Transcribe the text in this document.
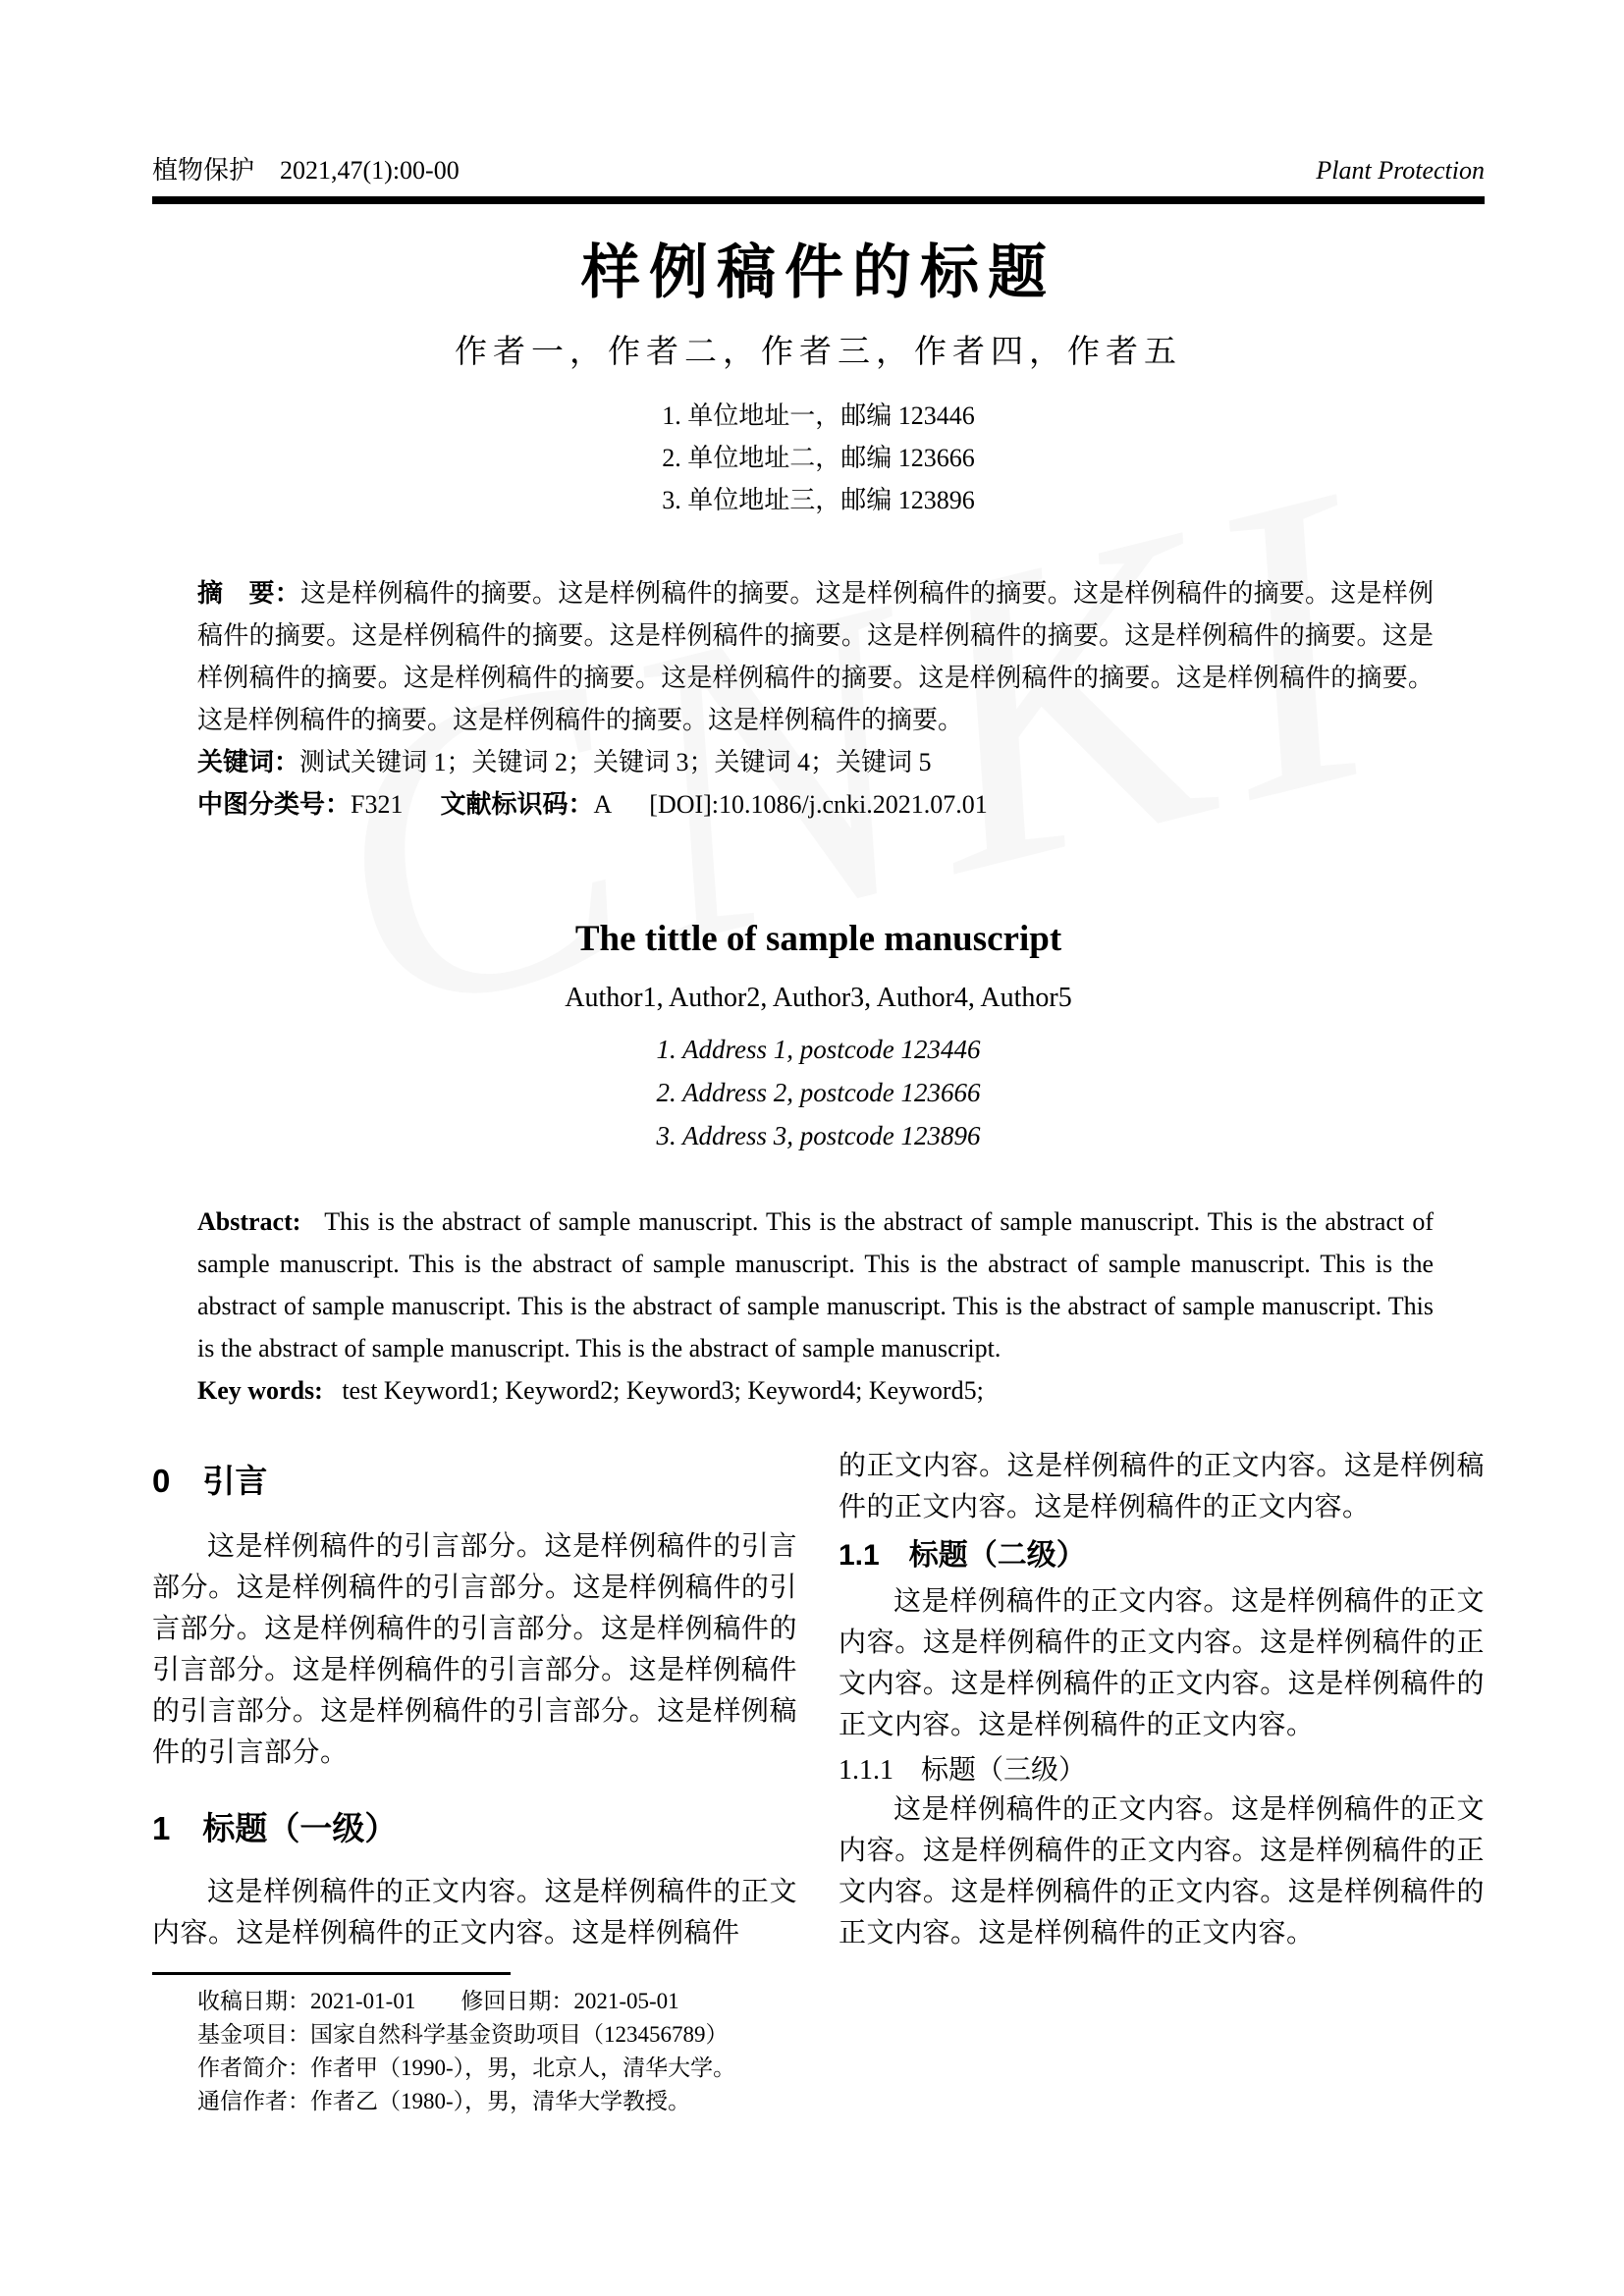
植物保护　2021,47(1):00-00	Plant Protection
样例稿件的标题
作者一，作者二，作者三，作者四，作者五
1. 单位地址一，邮编 123446
2. 单位地址二，邮编 123666
3. 单位地址三，邮编 123896
摘　要：这是样例稿件的摘要。这是样例稿件的摘要。这是样例稿件的摘要。这是样例稿件的摘要。这是样例稿件的摘要。这是样例稿件的摘要。这是样例稿件的摘要。这是样例稿件的摘要。这是样例稿件的摘要。这是样例稿件的摘要。这是样例稿件的摘要。这是样例稿件的摘要。这是样例稿件的摘要。这是样例稿件的摘要。这是样例稿件的摘要。这是样例稿件的摘要。这是样例稿件的摘要。
关键词：测试关键词 1；关键词 2；关键词 3；关键词 4；关键词 5
中图分类号：F321 文献标识码：A [DOI]:10.1086/j.cnki.2021.07.01
The tittle of sample manuscript
Author1, Author2, Author3, Author4, Author5
1. Address 1, postcode 123446
2. Address 2, postcode 123666
3. Address 3, postcode 123896
Abstract: This is the abstract of sample manuscript. This is the abstract of sample manuscript. This is the abstract of sample manuscript. This is the abstract of sample manuscript. This is the abstract of sample manuscript. This is the abstract of sample manuscript. This is the abstract of sample manuscript. This is the abstract of sample manuscript. This is the abstract of sample manuscript. This is the abstract of sample manuscript.
Key words: test Keyword1; Keyword2; Keyword3; Keyword4; Keyword5;
0　引言

这是样例稿件的引言部分。这是样例稿件的引言部分。这是样例稿件的引言部分。这是样例稿件的引言部分。这是样例稿件的引言部分。这是样例稿件的引言部分。这是样例稿件的引言部分。这是样例稿件的引言部分。这是样例稿件的引言部分。这是样例稿件的引言部分。

1　标题（一级）

这是样例稿件的正文内容。这是样例稿件的正文内容。这是样例稿件的正文内容。这是样例稿件

收稿日期：2021-01-01　　修回日期：2021-05-01
基金项目：国家自然科学基金资助项目（123456789）
作者简介：作者甲（1990-），男，北京人，清华大学。
通信作者：作者乙（1980-），男，清华大学教授。

的正文内容。这是样例稿件的正文内容。这是样例稿件的正文内容。这是样例稿件的正文内容。

1.1　标题（二级）

这是样例稿件的正文内容。这是样例稿件的正文内容。这是样例稿件的正文内容。这是样例稿件的正文内容。这是样例稿件的正文内容。这是样例稿件的正文内容。这是样例稿件的正文内容。

1.1.1　标题（三级）

这是样例稿件的正文内容。这是样例稿件的正文内容。这是样例稿件的正文内容。这是样例稿件的正文内容。这是样例稿件的正文内容。这是样例稿件的正文内容。这是样例稿件的正文内容。
